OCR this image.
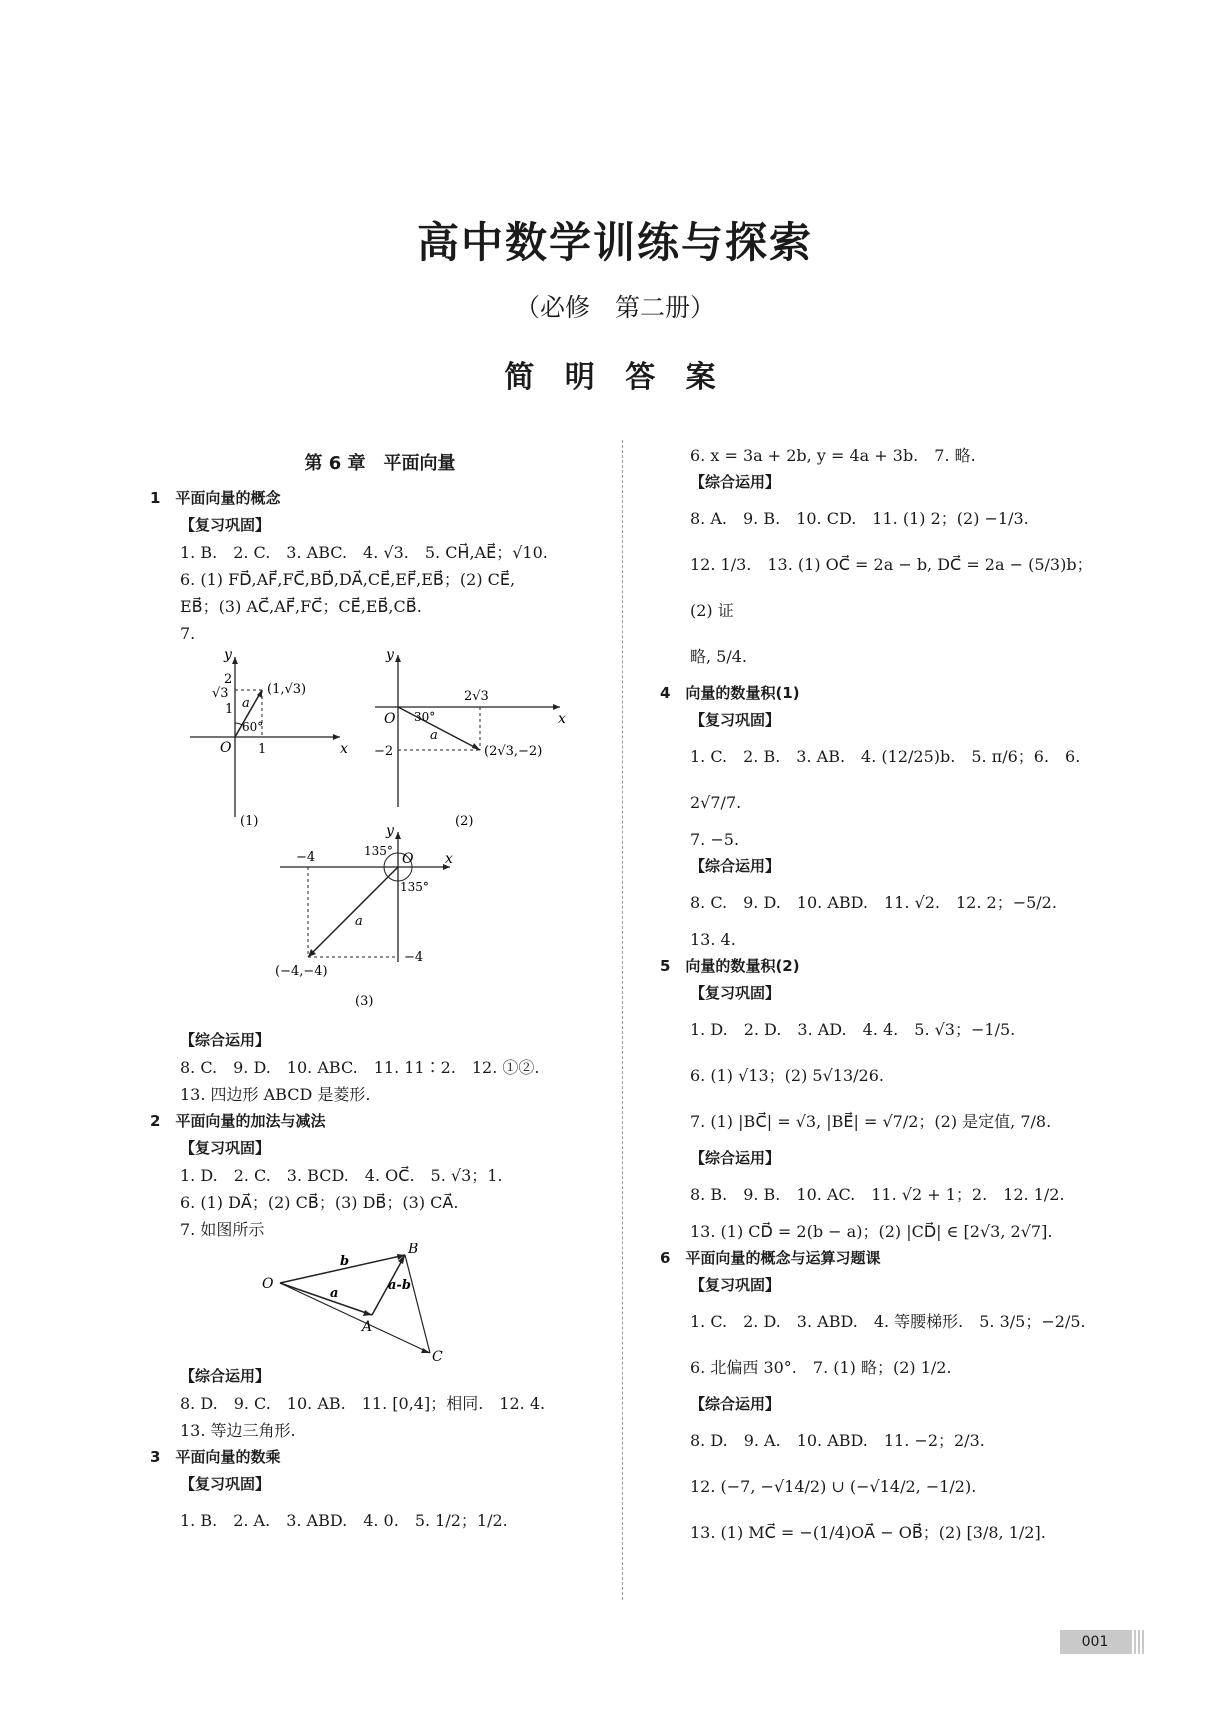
高中数学训练与探索
（必修　第二册）
简 明 答 案
第 6 章　平面向量
1　平面向量的概念
【复习巩固】
1. B.　2. C.　3. ABC.　4. √3.　5. CH⃗,AE⃗；√10.
6. (1) FD⃗,AF⃗,FC⃗,BD⃗,DA⃗,CE⃗,EF⃗,EB⃗；(2) CE⃗,
EB⃗；(3) AC⃗,AF⃗,FC⃗；CE⃗,EB⃗,CB⃗.
7.
y
x
O
2
√3
1
1
(1,√3)
a
60°
(1)
y
x
O
2√3
30°
a
−2	(2√3,−2)
(2)
y
x
O
−4	135°
135°
a
−4
(−4,−4)
(3)
【综合运用】
8. C.　9. D.　10. ABC.　11. 11∶2.　12. ①②.
13. 四边形 ABCD 是菱形.
2　平面向量的加法与减法
【复习巩固】
1. D.　2. C.　3. BCD.　4. OC⃗.　5. √3；1.
6. (1) DA⃗；(2) CB⃗；(3) DB⃗；(3) CA⃗.
7. 如图所示
O
B
A
C
b
a
a-b
【综合运用】
8. D.　9. C.　10. AB.　11. [0,4]；相同.　12. 4.
13. 等边三角形.
3　平面向量的数乘
【复习巩固】
1. B.　2. A.　3. ABD.　4. 0.　5. 1/2；1/2.
6. x = 3a + 2b, y = 4a + 3b.　7. 略.
【综合运用】
8. A.　9. B.　10. CD.　11. (1) 2；(2) −1/3.
12. 1/3.　13. (1) OC⃗ = 2a − b, DC⃗ = 2a − (5/3)b；(2) 证
略, 5/4.
4　向量的数量积(1)
【复习巩固】
1. C.　2. B.　3. AB.　4. (12/25)b.　5. π/6；6.　6. 2√7/7.
7. −5.
【综合运用】
8. C.　9. D.　10. ABD.　11. √2.　12. 2；−5/2.
13. 4.
5　向量的数量积(2)
【复习巩固】
1. D.　2. D.　3. AD.　4. 4.　5. √3；−1/5.
6. (1) √13；(2) 5√13/26.
7. (1) |BC⃗| = √3, |BE⃗| = √7/2；(2) 是定值, 7/8.
【综合运用】
8. B.　9. B.　10. AC.　11. √2 + 1；2.　12. 1/2.
13. (1) CD⃗ = 2(b − a)；(2) |CD⃗| ∈ [2√3, 2√7].
6　平面向量的概念与运算习题课
【复习巩固】
1. C.　2. D.　3. ABD.　4. 等腰梯形.　5. 3/5；−2/5.
6. 北偏西 30°.　7. (1) 略；(2) 1/2.
【综合运用】
8. D.　9. A.　10. ABD.　11. −2；2/3.
12. (−7, −√14/2) ∪ (−√14/2, −1/2).
13. (1) MC⃗ = −(1/4)OA⃗ − OB⃗；(2) [3/8, 1/2].
001
